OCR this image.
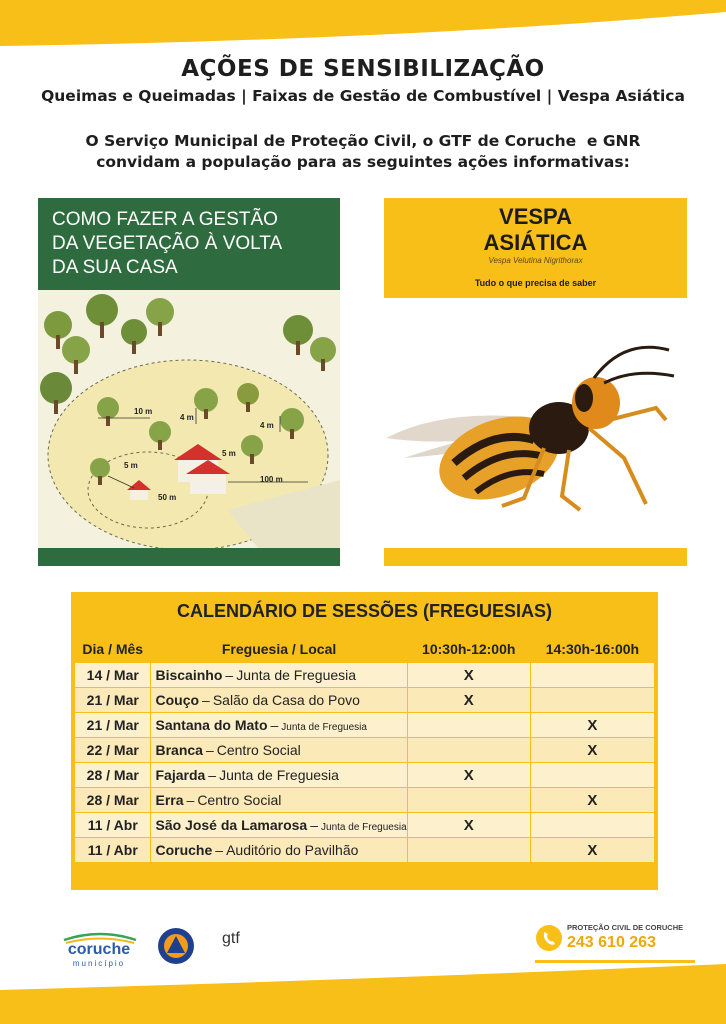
AÇÕES DE SENSIBILIZAÇÃO
Queimas e Queimadas | Faixas de Gestão de Combustível | Vespa Asiática
O Serviço Municipal de Proteção Civil, o GTF de Coruche  e GNR
convidam a população para as seguintes ações informativas:
COMO FAZER A GESTÃO
DA VEGETAÇÃO À VOLTA
DA SUA CASA
10 m
4 m
4 m
5 m
5 m
50 m
100 m
VESPA
ASIÁTICA
Vespa Velutina Nigrithorax
Tudo o que precisa de saber
CALENDÁRIO DE SESSÕES (FREGUESIAS)
Dia / Mês	Freguesia / Local	10:30h-12:00h	14:30h-16:00h
14 / Mar	Biscainho – Junta de Freguesia	X	
21 / Mar	Couço – Salão da Casa do Povo	X	
21 / Mar	Santana do Mato – Junta de Freguesia		X
22 / Mar	Branca – Centro Social		X
28 / Mar	Fajarda – Junta de Freguesia	X	
28 / Mar	Erra – Centro Social		X
11 / Abr	São José da Lamarosa – Junta de Freguesia	X	
11 / Abr	Coruche – Auditório do Pavilhão		X
coruche
município
gtf
PROTEÇÃO CIVIL DE CORUCHE
243 610 263
